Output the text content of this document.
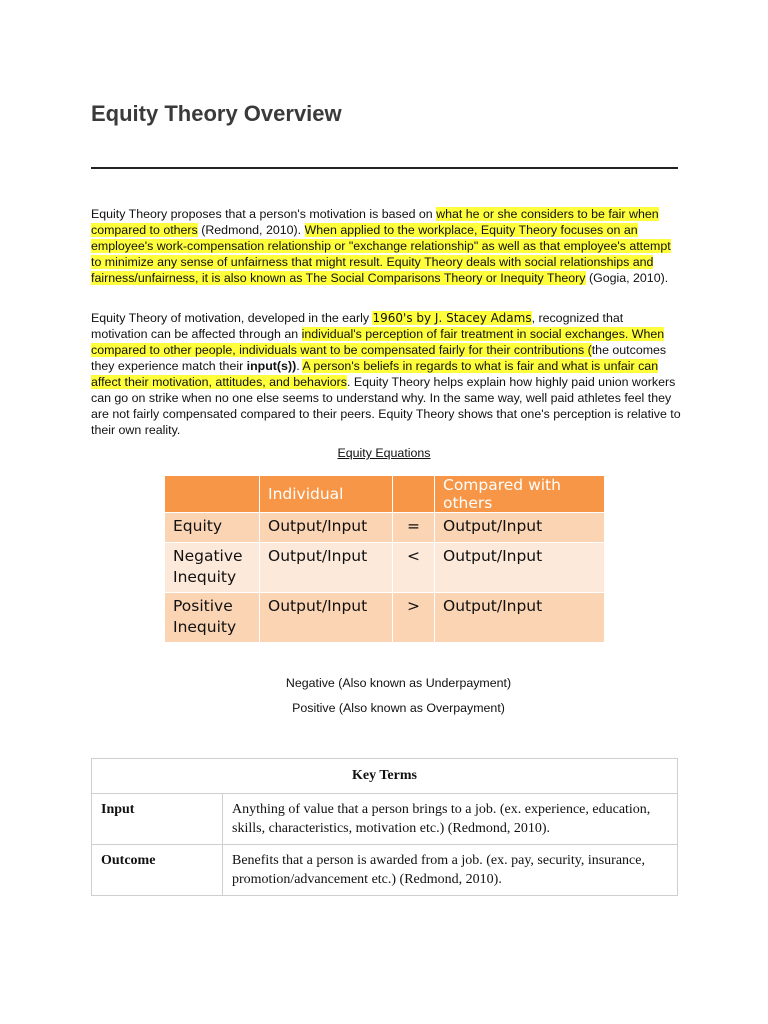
Equity Theory Overview

Equity Theory proposes that a person's motivation is based on what he or she considers to be fair when compared to others (Redmond, 2010). When applied to the workplace, Equity Theory focuses on an employee's work-compensation relationship or "exchange relationship" as well as that employee's attempt to minimize any sense of unfairness that might result. Equity Theory deals with social relationships and fairness/unfairness, it is also known as The Social Comparisons Theory or Inequity Theory (Gogia, 2010).

Equity Theory of motivation, developed in the early 1960's by J. Stacey Adams, recognized that motivation can be affected through an individual's perception of fair treatment in social exchanges. When compared to other people, individuals want to be compensated fairly for their contributions (the outcomes they experience match their input(s)). A person's beliefs in regards to what is fair and what is unfair can affect their motivation, attitudes, and behaviors. Equity Theory helps explain how highly paid union workers can go on strike when no one else seems to understand why. In the same way, well paid athletes feel they are not fairly compensated compared to their peers. Equity Theory shows that one's perception is relative to their own reality.

Equity Equations

	Individual		Compared with others
Equity	Output/Input	=	Output/Input
Negative Inequity	Output/Input	<	Output/Input
Positive Inequity	Output/Input	>	Output/Input

Negative (Also known as Underpayment)

Positive (Also known as Overpayment)

Key Terms	
Input	Anything of value that a person brings to a job. (ex. experience, education, skills, characteristics, motivation etc.) (Redmond, 2010).
Outcome	Benefits that a person is awarded from a job. (ex. pay, security, insurance, promotion/advancement etc.) (Redmond, 2010).
